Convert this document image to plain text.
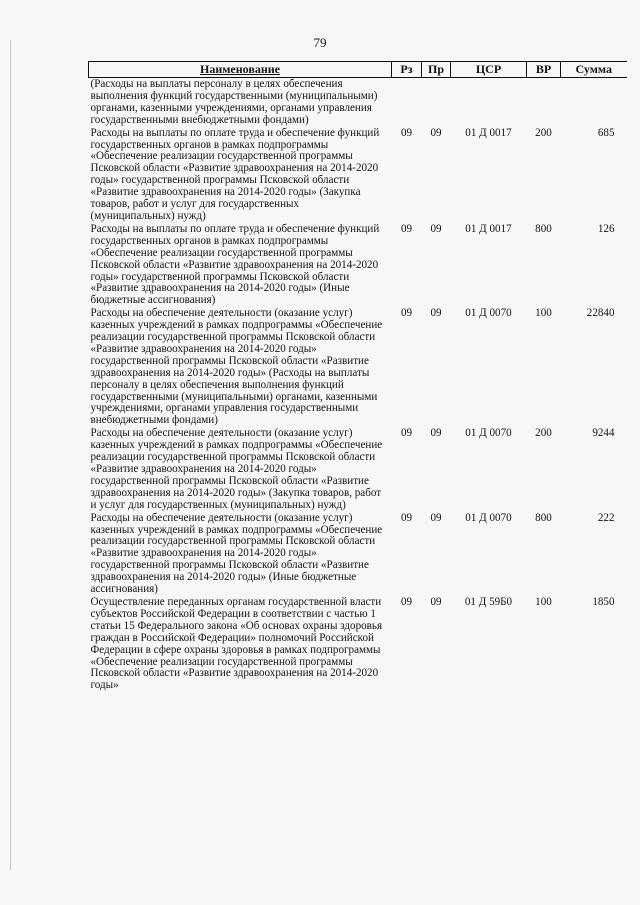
79
Наименование	Рз	Пр	ЦСР	ВР	Сумма
(Расходы на выплаты персоналу в целях обеспечения выполнения функций государственными (муниципальными) органами, казенными учреждениями, органами управления государственными внебюджетными фондами)					
Расходы на выплаты по оплате труда и обеспечение функций государственных органов в рамках подпрограммы «Обеспечение реализации государственной программы Псковской области «Развитие здравоохранения на 2014-2020 годы» государственной программы Псковской области «Развитие здравоохранения на 2014-2020 годы» (Закупка товаров, работ и услуг для государственных (муниципальных) нужд)	09	09	01 Д 0017	200	685
Расходы на выплаты по оплате труда и обеспечение функций государственных органов в рамках подпрограммы «Обеспечение реализации государственной программы Псковской области «Развитие здравоохранения на 2014-2020 годы» государственной программы Псковской области «Развитие здравоохранения на 2014-2020 годы» (Иные бюджетные ассигнования)	09	09	01 Д 0017	800	126
Расходы на обеспечение деятельности (оказание услуг) казенных учреждений в рамках подпрограммы «Обеспечение реализации государственной программы Псковской области «Развитие здравоохранения на 2014-2020 годы» государственной программы Псковской области «Развитие здравоохранения на 2014-2020 годы» (Расходы на выплаты персоналу в целях обеспечения выполнения функций государственными (муниципальными) органами, казенными учреждениями, органами управления государственными внебюджетными фондами)	09	09	01 Д 0070	100	22840
Расходы на обеспечение деятельности (оказание услуг) казенных учреждений в рамках подпрограммы «Обеспечение реализации государственной программы Псковской области «Развитие здравоохранения на 2014-2020 годы» государственной программы Псковской области «Развитие здравоохранения на 2014-2020 годы» (Закупка товаров, работ и услуг для государственных (муниципальных) нужд)	09	09	01 Д 0070	200	9244
Расходы на обеспечение деятельности (оказание услуг) казенных учреждений в рамках подпрограммы «Обеспечение реализации государственной программы Псковской области «Развитие здравоохранения на 2014-2020 годы» государственной программы Псковской области «Развитие здравоохранения на 2014-2020 годы» (Иные бюджетные ассигнования)	09	09	01 Д 0070	800	222
Осуществление переданных органам государственной власти субъектов Российской Федерации в соответствии с частью 1 статьи 15 Федерального закона «Об основах охраны здоровья граждан в Российской Федерации» полномочий Российской Федерации в сфере охраны здоровья в рамках подпрограммы «Обеспечение реализации государственной программы Псковской области «Развитие здравоохранения на 2014-2020 годы»	09	09	01 Д 59Б0	100	1850
